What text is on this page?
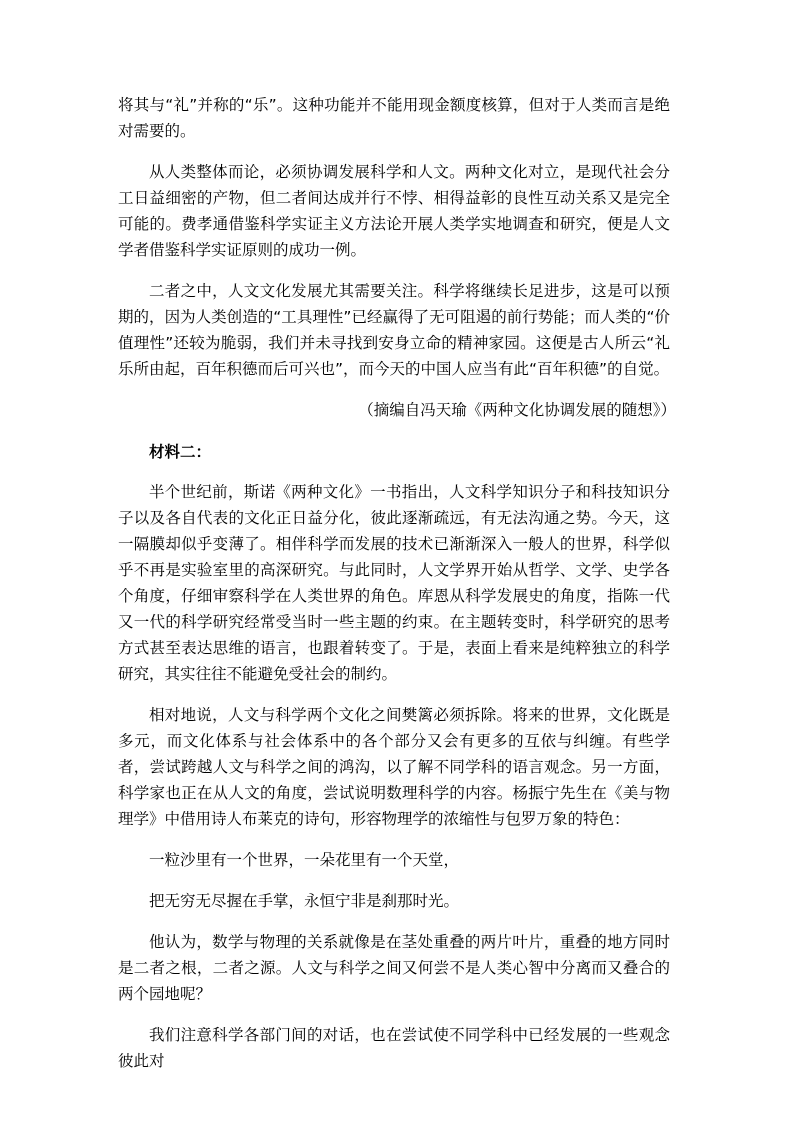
将其与“礼”并称的“乐”。这种功能并不能用现金额度核算，但对于人类而言是绝对需要的。

从人类整体而论，必须协调发展科学和人文。两种文化对立，是现代社会分工日益细密的产物，但二者间达成并行不悖、相得益彰的良性互动关系又是完全可能的。费孝通借鉴科学实证主义方法论开展人类学实地调查和研究，便是人文学者借鉴科学实证原则的成功一例。

二者之中，人文文化发展尤其需要关注。科学将继续长足进步，这是可以预期的，因为人类创造的“工具理性”已经赢得了无可阻遏的前行势能；而人类的“价值理性”还较为脆弱，我们并未寻找到安身立命的精神家园。这便是古人所云“礼乐所由起，百年积德而后可兴也”，而今天的中国人应当有此“百年积德”的自觉。

（摘编自冯天瑜《两种文化协调发展的随想》）

材料二：

半个世纪前，斯诺《两种文化》一书指出，人文科学知识分子和科技知识分子以及各自代表的文化正日益分化，彼此逐渐疏远，有无法沟通之势。今天，这一隔膜却似乎变薄了。相伴科学而发展的技术已渐渐深入一般人的世界，科学似乎不再是实验室里的高深研究。与此同时，人文学界开始从哲学、文学、史学各个角度，仔细审察科学在人类世界的角色。库恩从科学发展史的角度，指陈一代又一代的科学研究经常受当时一些主题的约束。在主题转变时，科学研究的思考方式甚至表达思维的语言，也跟着转变了。于是，表面上看来是纯粹独立的科学研究，其实往往不能避免受社会的制约。

相对地说，人文与科学两个文化之间樊篱必须拆除。将来的世界，文化既是多元，而文化体系与社会体系中的各个部分又会有更多的互依与纠缠。有些学者，尝试跨越人文与科学之间的鸿沟，以了解不同学科的语言观念。另一方面，科学家也正在从人文的角度，尝试说明数理科学的内容。杨振宁先生在《美与物理学》中借用诗人布莱克的诗句，形容物理学的浓缩性与包罗万象的特色：

一粒沙里有一个世界，一朵花里有一个天堂，

把无穷无尽握在手掌，永恒宁非是刹那时光。

他认为，数学与物理的关系就像是在茎处重叠的两片叶片，重叠的地方同时是二者之根，二者之源。人文与科学之间又何尝不是人类心智中分离而又叠合的两个园地呢？

我们注意科学各部门间的对话，也在尝试使不同学科中已经发展的一些观念彼此对
